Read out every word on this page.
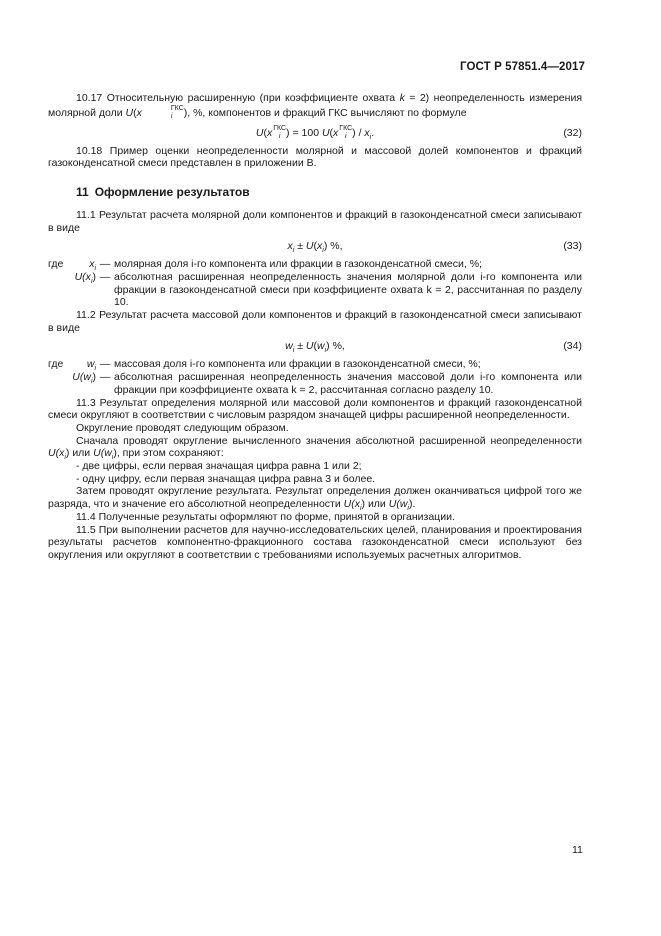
ГОСТ Р 57851.4—2017

10.17 Относительную расширенную (при коэффициенте охвата k = 2) неопределенность измерения молярной доли U(x	ГКС
i	), %, компонентов и фракций ГКС вычисляют по формуле

U(x ГКС
i ) = 100 U(x ГКС
i ) / $x_i$.	(32)

10.18 Пример оценки неопределенности молярной и массовой долей компонентов и фракций газоконденсатной смеси представлен в приложении В.

11 Оформление результатов

11.1 Результат расчета молярной доли компонентов и фракций в газоконденсатной смеси записывают в виде

$x_i \pm U(x_i)$ %,	(33)
где $x_i$ — молярная доля i-го компонента или фракции в газоконденсатной смеси, %;
$U(x_i)$ — абсолютная расширенная неопределенность значения молярной доли i-го компонента или фракции в газоконденсатной смеси при коэффициенте охвата k = 2, рассчитанная по разделу 10.

11.2 Результат расчета массовой доли компонентов и фракций в газоконденсатной смеси записывают в виде

$w_i \pm U(w_i)$ %,	(34)
где $w_i$ — массовая доля i-го компонента или фракции в газоконденсатной смеси, %;
$U(w_i)$ — абсолютная расширенная неопределенность значения массовой доли i-го компонента или фракции при коэффициенте охвата k = 2, рассчитанная согласно разделу 10.

11.3 Результат определения молярной или массовой доли компонентов и фракций газоконденсатной смеси округляют в соответствии с числовым разрядом значащей цифры расширенной неопределенности.

Округление проводят следующим образом.

Сначала проводят округление вычисленного значения абсолютной расширенной неопределенности $U(x_i)$ или $U(w_i)$, при этом сохраняют:

- две цифры, если первая значащая цифра равна 1 или 2;

- одну цифру, если первая значащая цифра равна 3 и более.

Затем проводят округление результата. Результат определения должен оканчиваться цифрой того же разряда, что и значение его абсолютной неопределенности $U(x_i)$ или $U(w_i)$.

11.4 Полученные результаты оформляют по форме, принятой в организации.

11.5 При выполнении расчетов для научно-исследовательских целей, планирования и проектирования результаты расчетов компонентно-фракционного состава газоконденсатной смеси используют без округления или округляют в соответствии с требованиями используемых расчетных алгоритмов.

11
